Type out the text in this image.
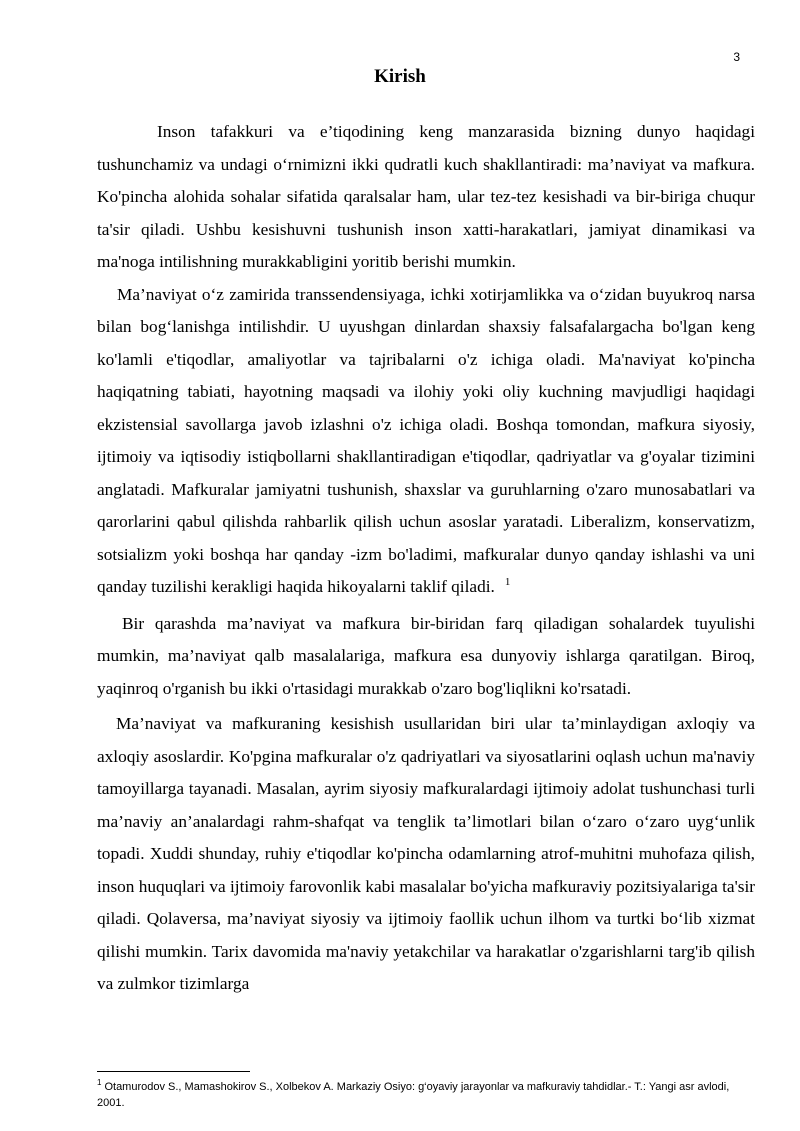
3
Kirish

Inson tafakkuri va e’tiqodining keng manzarasida bizning dunyo haqidagi tushunchamiz va undagi o‘rnimizni ikki qudratli kuch shakllantiradi: ma’naviyat va mafkura. Ko'pincha alohida sohalar sifatida qaralsalar ham, ular tez-tez kesishadi va bir-biriga chuqur ta'sir qiladi. Ushbu kesishuvni tushunish inson xatti-harakatlari, jamiyat dinamikasi va ma'noga intilishning murakkabligini yoritib berishi mumkin.

Ma’naviyat o‘z zamirida transsendensiyaga, ichki xotirjamlikka va o‘zidan buyukroq narsa bilan bog‘lanishga intilishdir. U uyushgan dinlardan shaxsiy falsafalargacha bo'lgan keng ko'lamli e'tiqodlar, amaliyotlar va tajribalarni o'z ichiga oladi. Ma'naviyat ko'pincha haqiqatning tabiati, hayotning maqsadi va ilohiy yoki oliy kuchning mavjudligi haqidagi ekzistensial savollarga javob izlashni o'z ichiga oladi. Boshqa tomondan, mafkura siyosiy, ijtimoiy va iqtisodiy istiqbollarni shakllantiradigan e'tiqodlar, qadriyatlar va g'oyalar tizimini anglatadi. Mafkuralar jamiyatni tushunish, shaxslar va guruhlarning o'zaro munosabatlari va qarorlarini qabul qilishda rahbarlik qilish uchun asoslar yaratadi. Liberalizm, konservatizm, sotsializm yoki boshqa har qanday -izm bo'ladimi, mafkuralar dunyo qanday ishlashi va uni qanday tuzilishi kerakligi haqida hikoyalarni taklif qiladi. $^1$

Bir qarashda ma’naviyat va mafkura bir-biridan farq qiladigan sohalardek tuyulishi mumkin, ma’naviyat qalb masalalariga, mafkura esa dunyoviy ishlarga qaratilgan. Biroq, yaqinroq o'rganish bu ikki o'rtasidagi murakkab o'zaro bog'liqlikni ko'rsatadi.

Ma’naviyat va mafkuraning kesishish usullaridan biri ular ta’minlaydigan axloqiy va axloqiy asoslardir. Ko'pgina mafkuralar o'z qadriyatlari va siyosatlarini oqlash uchun ma'naviy tamoyillarga tayanadi. Masalan, ayrim siyosiy mafkuralardagi ijtimoiy adolat tushunchasi turli ma’naviy an’analardagi rahm-shafqat va tenglik ta’limotlari bilan o‘zaro o‘zaro uyg‘unlik topadi. Xuddi shunday, ruhiy e'tiqodlar ko'pincha odamlarning atrof-muhitni muhofaza qilish, inson huquqlari va ijtimoiy farovonlik kabi masalalar bo'yicha mafkuraviy pozitsiyalariga ta'sir qiladi. Qolaversa, ma’naviyat siyosiy va ijtimoiy faollik uchun ilhom va turtki bo‘lib xizmat qilishi mumkin. Tarix davomida ma'naviy yetakchilar va harakatlar o'zgarishlarni targ'ib qilish va zulmkor tizimlarga

$^1$ Otamurodov S., Mamashokirov S., Xolbekov A. Markaziy Osiyo: g‘oyaviy jarayonlar va mafkuraviy tahdidlar.- T.: Yangi asr avlodi, 2001.
